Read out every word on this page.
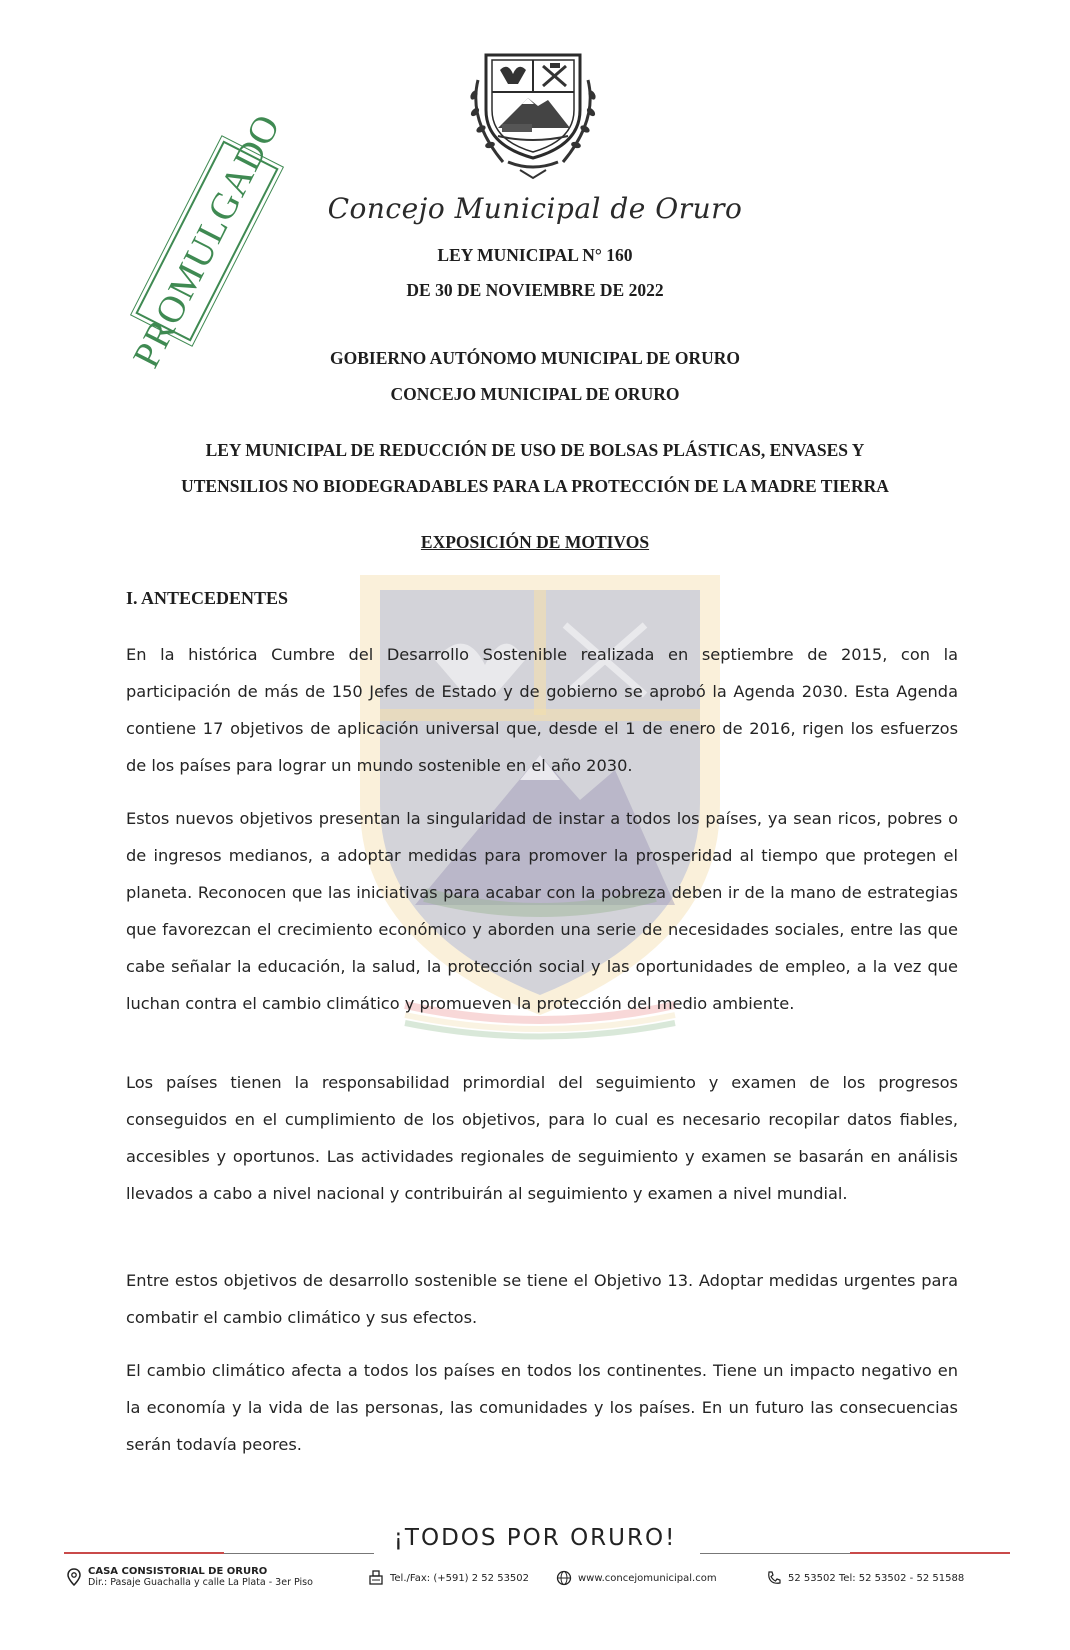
Concejo Municipal de Oruro
PROMULGADO	LEY MUNICIPAL N° 160
DE 30 DE NOVIEMBRE DE 2022
GOBIERNO AUTÓNOMO MUNICIPAL DE ORURO
CONCEJO MUNICIPAL DE ORURO
LEY MUNICIPAL DE REDUCCIÓN DE USO DE BOLSAS PLÁSTICAS, ENVASES Y
UTENSILIOS NO BIODEGRADABLES PARA LA PROTECCIÓN DE LA MADRE TIERRA
EXPOSICIÓN DE MOTIVOS
I. ANTECEDENTES
En la histórica Cumbre del Desarrollo Sostenible realizada en septiembre de 2015, con la participación de más de 150 Jefes de Estado y de gobierno se aprobó la Agenda 2030. Esta Agenda contiene 17 objetivos de aplicación universal que, desde el 1 de enero de 2016, rigen los esfuerzos de los países para lograr un mundo sostenible en el año 2030.
Estos nuevos objetivos presentan la singularidad de instar a todos los países, ya sean ricos, pobres o de ingresos medianos, a adoptar medidas para promover la prosperidad al tiempo que protegen el planeta. Reconocen que las iniciativas para acabar con la pobreza deben ir de la mano de estrategias que favorezcan el crecimiento económico y aborden una serie de necesidades sociales, entre las que cabe señalar la educación, la salud, la protección social y las oportunidades de empleo, a la vez que luchan contra el cambio climático y promueven la protección del medio ambiente.
Los países tienen la responsabilidad primordial del seguimiento y examen de los progresos conseguidos en el cumplimiento de los objetivos, para lo cual es necesario recopilar datos fiables, accesibles y oportunos. Las actividades regionales de seguimiento y examen se basarán en análisis llevados a cabo a nivel nacional y contribuirán al seguimiento y examen a nivel mundial.
Entre estos objetivos de desarrollo sostenible se tiene el Objetivo 13. Adoptar medidas urgentes para combatir el cambio climático y sus efectos.
El cambio climático afecta a todos los países en todos los continentes. Tiene un impacto negativo en la economía y la vida de las personas, las comunidades y los países. En un futuro las consecuencias serán todavía peores.
¡TODOS POR ORURO!
CASA CONSISTORIAL DE ORURO
Dir.: Pasaje Guachalla y calle La Plata - 3er Piso	Tel./Fax: (+591) 2 52 53502	www.concejomunicipal.com	52 53502 Tel: 52 53502 - 52 51588
